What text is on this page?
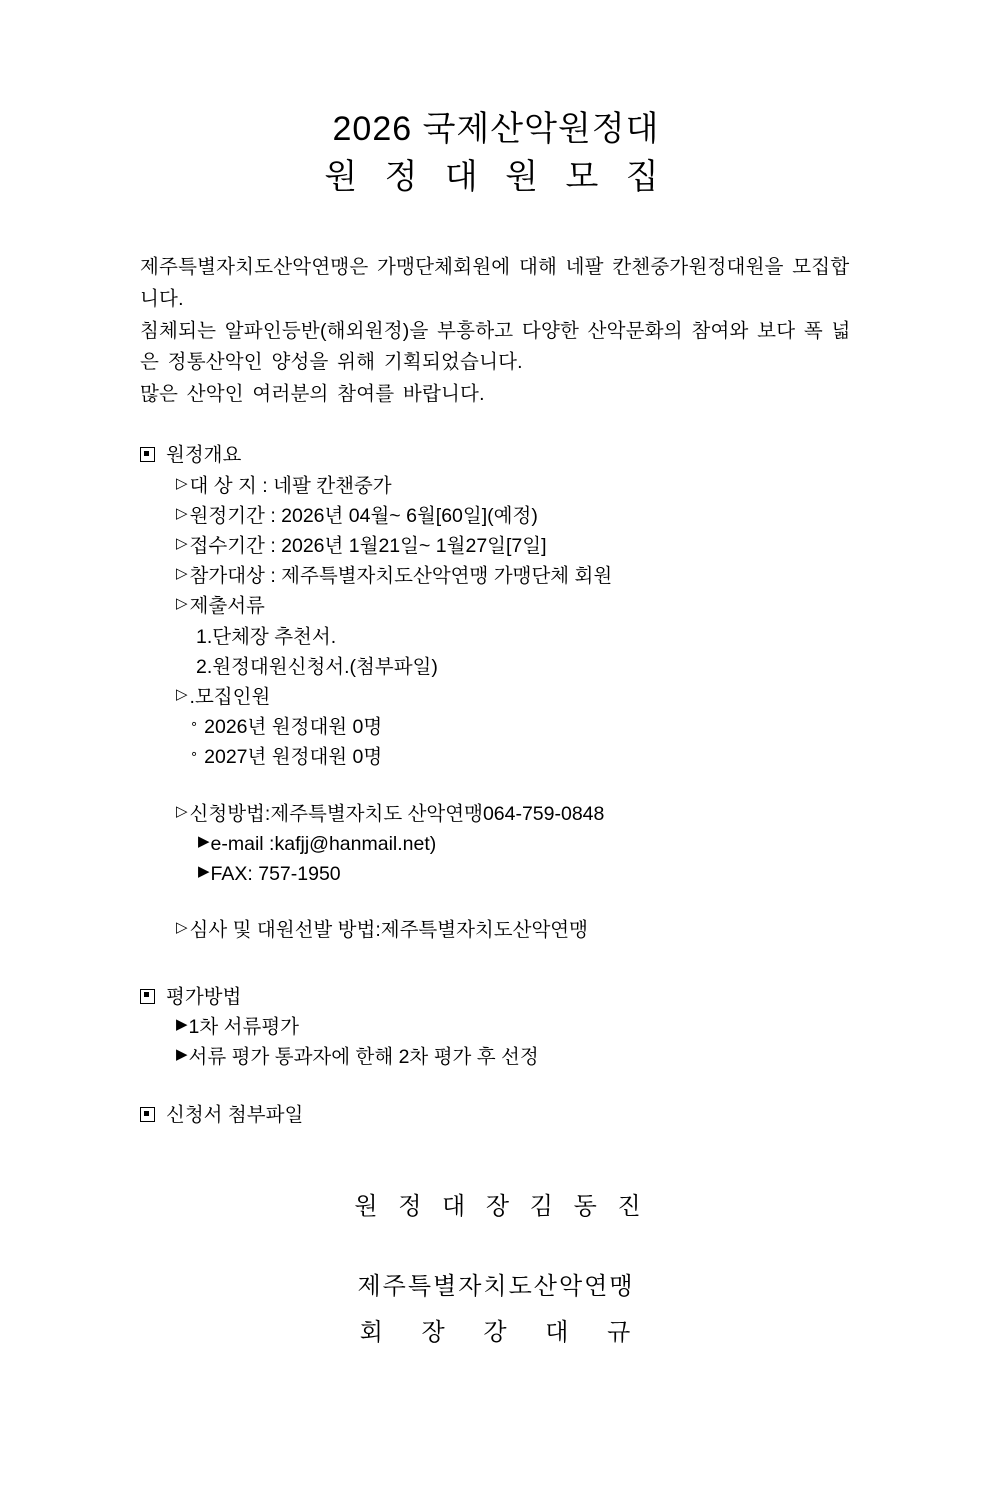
2026 국제산악원정대
원 정 대 원 모 집

제주특별자치도산악연맹은 가맹단체회원에 대해 네팔 칸첸중가원정대원을 모집합니다.

침체되는 알파인등반(해외원정)을 부흥하고 다양한 산악문화의 참여와 보다 폭 넓은 정통산악인 양성을 위해 기획되었습니다.

많은 산악인 여러분의 참여를 바랍니다.

원정개요
▷ 대 상 지 : 네팔 칸챈중가
▷ 원정기간 : 2026년 04월~ 6월[60일](예정)
▷ 접수기간 : 2026년 1월21일~ 1월27일[7일]
▷ 참가대상 : 제주특별자치도산악연맹 가맹단체 회원
▷ 제출서류
1.단체장 추천서.
2.원정대원신청서.(첨부파일)
▷ .모집인원
∘ 2026년 원정대원 0명
∘ 2027년 원정대원 0명
▷ 신청방법:제주특별자치도 산악연맹064-759-0848
▶ e-mail :kafjj@hanmail.net)
▶ FAX: 757-1950
▷ 심사 및 대원선발 방법:제주특별자치도산악연맹
평가방법
▶ 1차 서류평가
▶ 서류 평가 통과자에 한해 2차 평가 후 선정
신청서 첨부파일
원 정 대 장 김 동 진
제주특별자치도산악연맹
회 장 강 대 규
